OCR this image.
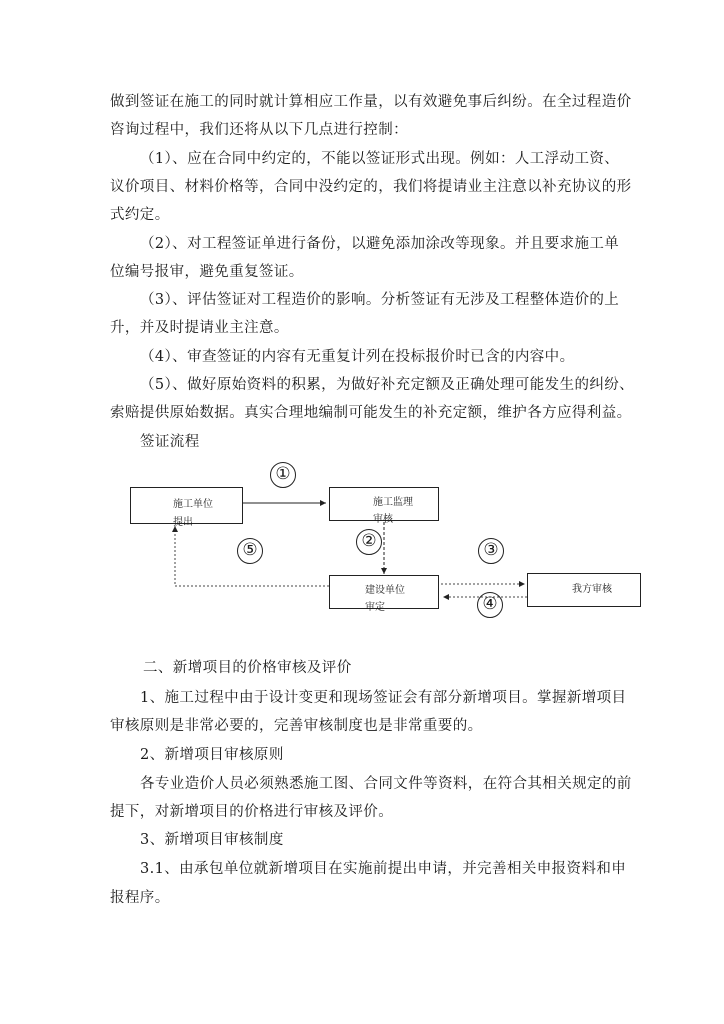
做到签证在施工的同时就计算相应工作量，以有效避免事后纠纷。在全过程造价
咨询过程中，我们还将从以下几点进行控制：
（1）、应在合同中约定的，不能以签证形式出现。例如：人工浮动工资、
议价项目、材料价格等，合同中没约定的，我们将提请业主注意以补充协议的形
式约定。
（2）、对工程签证单进行备份，以避免添加涂改等现象。并且要求施工单
位编号报审，避免重复签证。
（3）、评估签证对工程造价的影响。分析签证有无涉及工程整体造价的上
升，并及时提请业主注意。
（4）、审查签证的内容有无重复计列在投标报价时已含的内容中。
（5）、做好原始资料的积累，为做好补充定额及正确处理可能发生的纠纷、
索赔提供原始数据。真实合理地编制可能发生的补充定额，维护各方应得利益。
签证流程
施工单位
提出
施工监理
审核
建设单位
审定
我方审核
①
②	③
④
⑤
二、新增项目的价格审核及评价
1、施工过程中由于设计变更和现场签证会有部分新增项目。掌握新增项目
审核原则是非常必要的，完善审核制度也是非常重要的。
2、新增项目审核原则
各专业造价人员必须熟悉施工图、合同文件等资料，在符合其相关规定的前
提下，对新增项目的价格进行审核及评价。
3、新增项目审核制度
3.1、由承包单位就新增项目在实施前提出申请，并完善相关申报资料和申
报程序。
